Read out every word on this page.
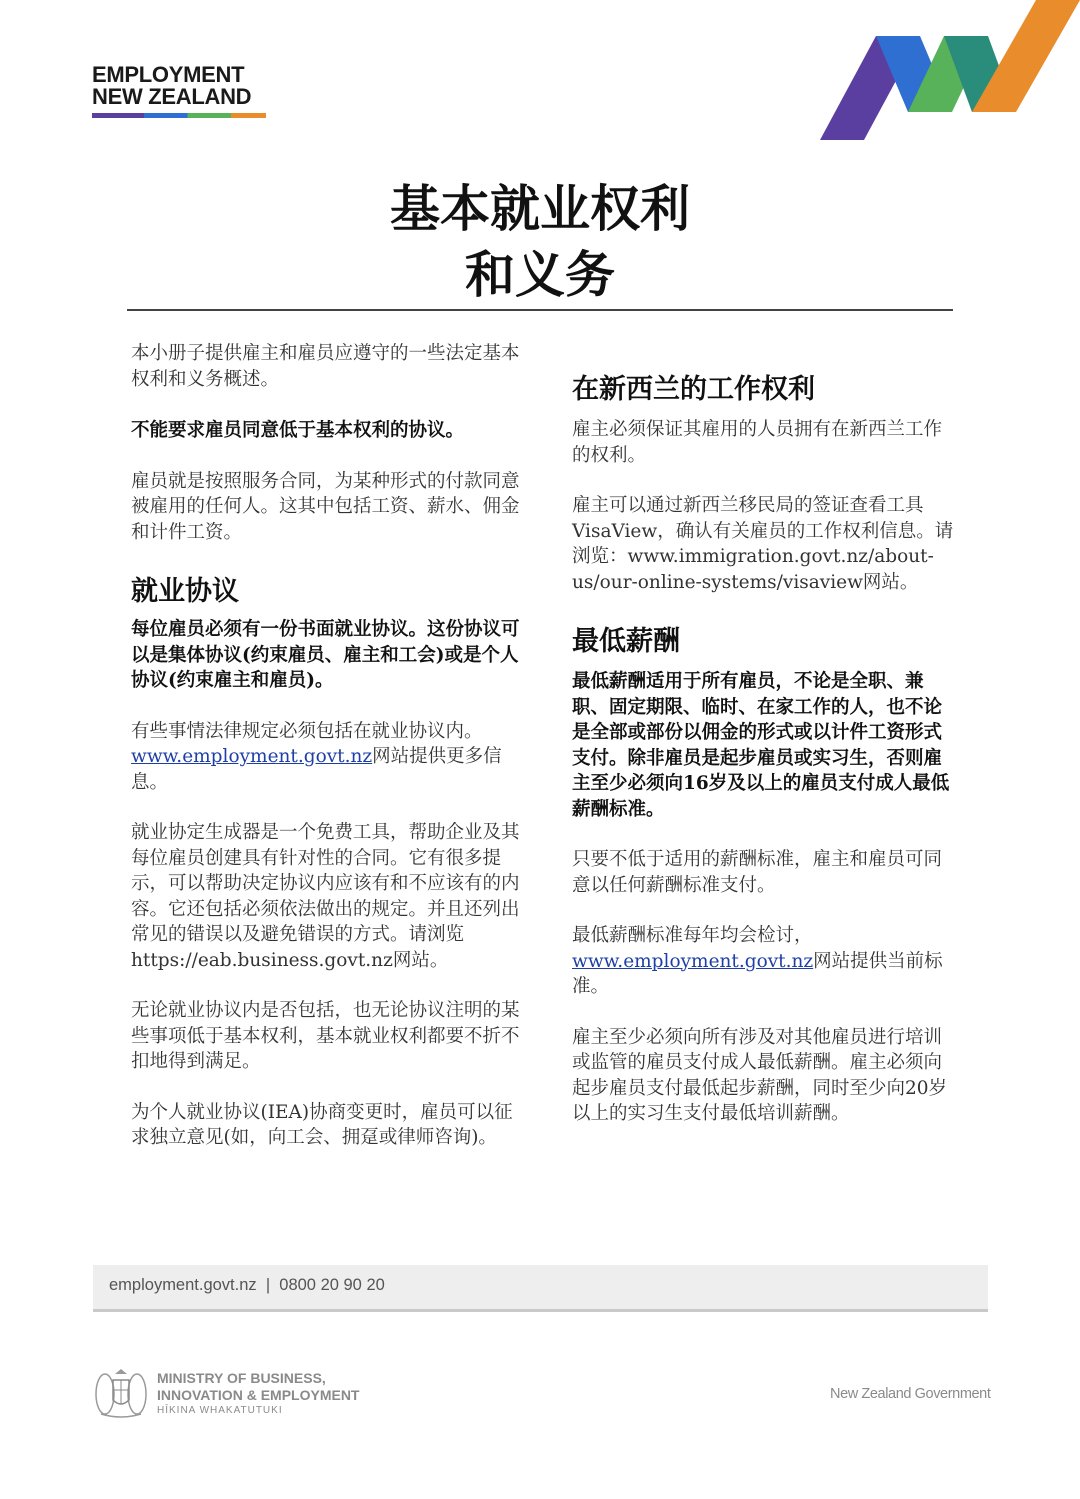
EMPLOYMENT
NEW ZEALAND
基本就业权利
和义务

本小册子提供雇主和雇员应遵守的一些法定基本权利和义务概述。

不能要求雇员同意低于基本权利的协议。

雇员就是按照服务合同，为某种形式的付款同意被雇用的任何人。这其中包括工资、薪水、佣金和计件工资。

就业协议

每位雇员必须有一份书面就业协议。这份协议可以是集体协议(约束雇员、雇主和工会)或是个人协议(约束雇主和雇员)。

有些事情法律规定必须包括在就业协议内。www.employment.govt.nz网站提供更多信息。

就业协定生成器是一个免费工具，帮助企业及其每位雇员创建具有针对性的合同。它有很多提示，可以帮助决定协议内应该有和不应该有的内容。它还包括必须依法做出的规定。并且还列出常见的错误以及避免错误的方式。请浏览https://eab.business.govt.nz网站。

无论就业协议内是否包括，也无论协议注明的某些事项低于基本权利，基本就业权利都要不折不扣地得到满足。

为个人就业协议(IEA)协商变更时，雇员可以征求独立意见(如，向工会、拥趸或律师咨询)。

在新西兰的工作权利

雇主必须保证其雇用的人员拥有在新西兰工作的权利。

雇主可以通过新西兰移民局的签证查看工具VisaView，确认有关雇员的工作权利信息。请浏览：www.immigration.govt.nz/about-us/our-online-systems/visaview网站。

最低薪酬

最低薪酬适用于所有雇员，不论是全职、兼职、固定期限、临时、在家工作的人，也不论是全部或部份以佣金的形式或以计件工资形式支付。除非雇员是起步雇员或实习生，否则雇主至少必须向16岁及以上的雇员支付成人最低薪酬标准。

只要不低于适用的薪酬标准，雇主和雇员可同意以任何薪酬标准支付。

最低薪酬标准每年均会检讨，www.employment.govt.nz网站提供当前标准。

雇主至少必须向所有涉及对其他雇员进行培训或监管的雇员支付成人最低薪酬。雇主必须向起步雇员支付最低起步薪酬，同时至少向20岁以上的实习生支付最低培训薪酬。

employment.govt.nz  |  0800 20 90 20
MINISTRY OF BUSINESS,
INNOVATION & EMPLOYMENT
HĪKINA WHAKATUTUKI
New Zealand Government
